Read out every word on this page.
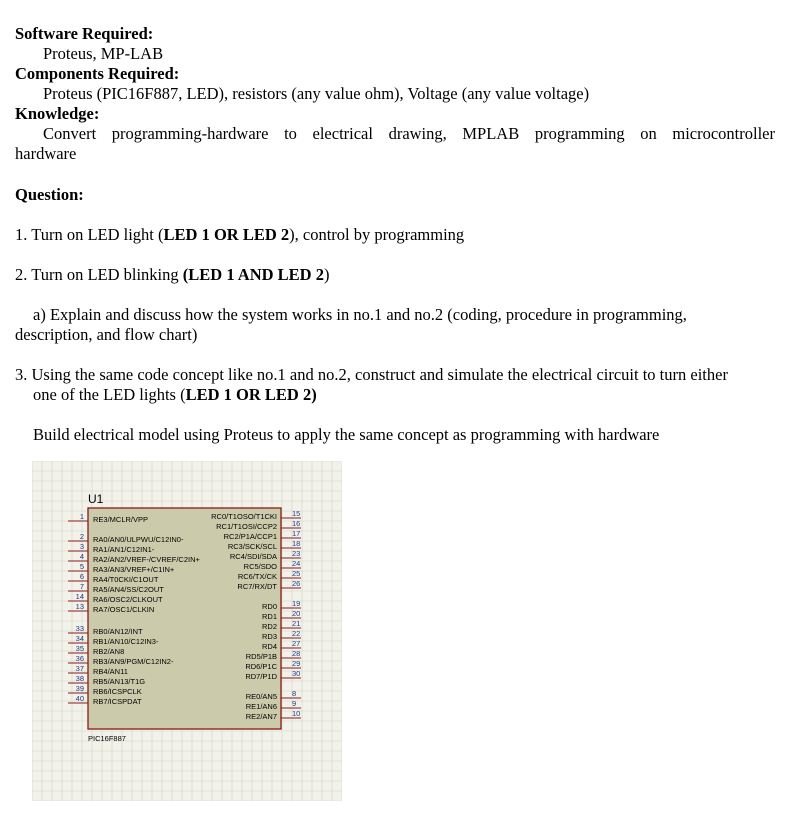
Software Required:
Proteus, MP-LAB
Components Required:
Proteus (PIC16F887, LED), resistors (any value ohm), Voltage (any value voltage)
Knowledge:
Convert programming-hardware to electrical drawing, MPLAB programming on microcontroller
hardware
Question:
1. Turn on LED light (LED 1 OR LED 2), control by programming
2. Turn on LED blinking (LED 1 AND LED 2)
a) Explain and discuss how the system works in no.1 and no.2 (coding, procedure in programming,
description, and flow chart)
3. Using the same code concept like no.1 and no.2, construct and simulate the electrical circuit to turn either
one of the LED lights (LED 1 OR LED 2)
Build electrical model using Proteus to apply the same concept as programming with hardware
U1
PIC16F887
1 RE3/MCLR/VPP
2 RA0/AN0/ULPWU/C12IN0-
3 RA1/AN1/C12IN1-
4 RA2/AN2/VREF-/CVREF/C2IN+
5 RA3/AN3/VREF+/C1IN+
6 RA4/T0CKI/C1OUT
7 RA5/AN4/SS/C2OUT
14 RA6/OSC2/CLKOUT
13 RA7/OSC1/CLKIN
33 RB0/AN12/INT
34 RB1/AN10/C12IN3-
35 RB2/AN8
36 RB3/AN9/PGM/C12IN2-
37 RB4/AN11
38 RB5/AN13/T1G
39 RB6/ICSPCLK
40 RB7/ICSPDAT
15
RC0/T1OSO/T1CKI
16
RC1/T1OSI/CCP2
17
RC2/P1A/CCP1
18
RC3/SCK/SCL
23
RC4/SDI/SDA
24
RC5/SDO
25
RC6/TX/CK
26
RC7/RX/DT
19
RD0
20
RD1
21
RD2
22
RD3
27
RD4
28
RD5/P1B
29
RD6/P1C
30
RD7/P1D
8
RE0/AN5
9
RE1/AN6
10
RE2/AN7
